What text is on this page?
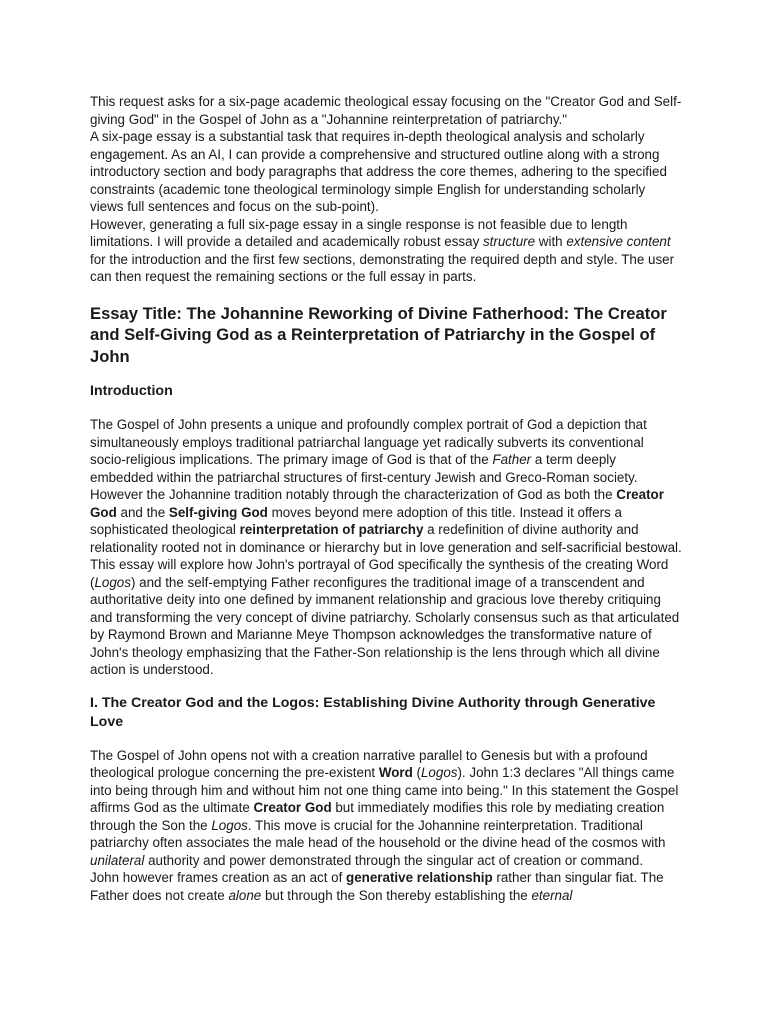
This request asks for a six-page academic theological essay focusing on the "Creator God and Self-giving God" in the Gospel of John as a "Johannine reinterpretation of patriarchy."

A six-page essay is a substantial task that requires in-depth theological analysis and scholarly engagement. As an AI, I can provide a comprehensive and structured outline along with a strong introductory section and body paragraphs that address the core themes, adhering to the specified constraints (academic tone theological terminology simple English for understanding scholarly views full sentences and focus on the sub-point).

However, generating a full six-page essay in a single response is not feasible due to length limitations. I will provide a detailed and academically robust essay structure with extensive content for the introduction and the first few sections, demonstrating the required depth and style. The user can then request the remaining sections or the full essay in parts.

Essay Title: The Johannine Reworking of Divine Fatherhood: The Creator and Self-Giving God as a Reinterpretation of Patriarchy in the Gospel of John
Introduction

The Gospel of John presents a unique and profoundly complex portrait of God a depiction that simultaneously employs traditional patriarchal language yet radically subverts its conventional socio-religious implications. The primary image of God is that of the Father a term deeply embedded within the patriarchal structures of first-century Jewish and Greco-Roman society. However the Johannine tradition notably through the characterization of God as both the Creator God and the Self-giving God moves beyond mere adoption of this title. Instead it offers a sophisticated theological reinterpretation of patriarchy a redefinition of divine authority and relationality rooted not in dominance or hierarchy but in love generation and self-sacrificial bestowal. This essay will explore how John's portrayal of God specifically the synthesis of the creating Word (Logos) and the self-emptying Father reconfigures the traditional image of a transcendent and authoritative deity into one defined by immanent relationship and gracious love thereby critiquing and transforming the very concept of divine patriarchy. Scholarly consensus such as that articulated by Raymond Brown and Marianne Meye Thompson acknowledges the transformative nature of John's theology emphasizing that the Father-Son relationship is the lens through which all divine action is understood.

I. The Creator God and the Logos: Establishing Divine Authority through Generative Love

The Gospel of John opens not with a creation narrative parallel to Genesis but with a profound theological prologue concerning the pre-existent Word (Logos). John 1:3 declares "All things came into being through him and without him not one thing came into being." In this statement the Gospel affirms God as the ultimate Creator God but immediately modifies this role by mediating creation through the Son the Logos. This move is crucial for the Johannine reinterpretation. Traditional patriarchy often associates the male head of the household or the divine head of the cosmos with unilateral authority and power demonstrated through the singular act of creation or command.

John however frames creation as an act of generative relationship rather than singular fiat. The Father does not create alone but through the Son thereby establishing the eternal
